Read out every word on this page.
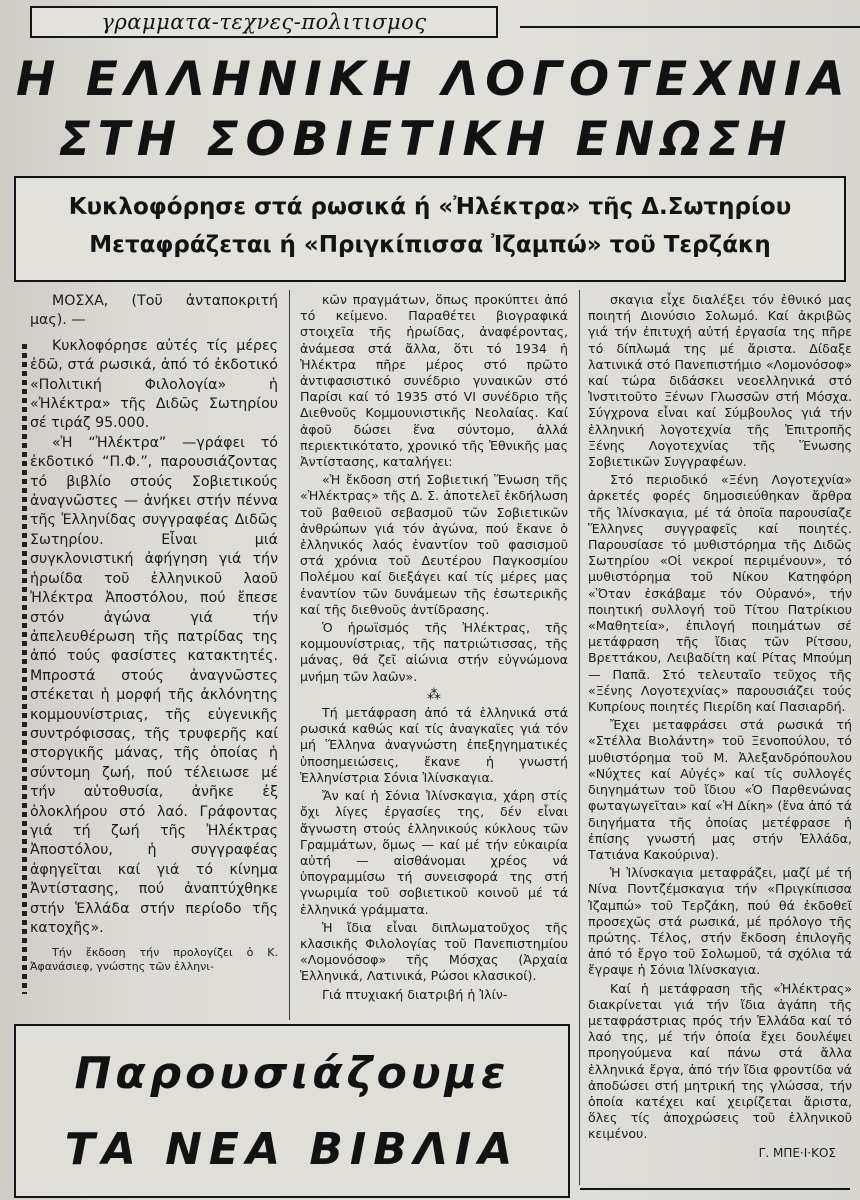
γραμματα-τεχνες-πολιτισμος
Η ΕΛΛΗΝΙΚΗ ΛΟΓΟΤΕΧΝΙΑ
ΣΤΗ ΣΟΒΙΕΤΙΚΗ ΕΝΩΣΗ
Κυκλοφόρησε στά ρωσικά ή «Ἠλέκτρα» τῆς Δ.Σωτηρίου
Μεταφράζεται ή «Πριγκίπισσα Ἰζαμπώ» τοῦ Τερζάκη

ΜΟΣΧΑ, (Τοῦ ἀνταποκριτή μας). —

Κυκλοφόρησε αὐτές τίς μέρες ἐδῶ, στά ρωσικά, ἀπό τό ἐκδοτικό «Πολιτική Φιλολογία» ἡ «Ἠλέκτρα» τῆς Διδῶς Σωτηρίου σέ τιράζ 95.000.

«Ἡ “Ἠλέκτρα” —γράφει τό ἐκδοτικό “Π.Φ.”, παρουσιάζοντας τό βιβλίο στούς Σοβιετικούς ἀναγνῶστες — ἀνήκει στήν πέννα τῆς Ἑλληνίδας συγγραφέας Διδῶς Σωτηρίου. Εἶναι μιά συγκλονιστική ἀφήγηση γιά τήν ἡρωίδα τοῦ ἑλληνικοῦ λαοῦ Ἠλέκτρα Ἀποστόλου, πού ἔπεσε στόν ἀγώνα γιά τήν ἀπελευθέρωση τῆς πατρίδας της ἀπό τούς φασίστες κατακτητές. Μπροστά στούς ἀναγνῶστες στέκεται ἡ μορφή τῆς ἀκλόνητης κομμουνίστριας, τῆς εὐγενικῆς συντρόφισσας, τῆς τρυφερῆς καί στοργικῆς μάνας, τῆς ὁποίας ἡ σύντομη ζωή, πού τέλειωσε μέ τήν αὐτοθυσία, ἀνῆκε ἐξ ὁλοκλήρου στό λαό. Γράφοντας γιά τή ζωή τῆς Ἠλέκτρας Ἀποστόλου, ἡ συγγραφέας ἀφηγεῖται καί γιά τό κίνημα Ἀντίστασης, πού ἀναπτύχθηκε στήν Ἑλλάδα στήν περίοδο τῆς κατοχῆς».

Τήν ἔκδοση τήν προλογίζει ὁ Κ. Ἀφανάσιεφ, γνώστης τῶν ἑλληνι-

κῶν πραγμάτων, ὅπως προκύπτει ἀπό τό κείμενο. Παραθέτει βιογραφικά στοιχεῖα τῆς ἡρωίδας, ἀναφέροντας, ἀνάμεσα στά ἄλλα, ὅτι τό 1934 ἡ Ἠλέκτρα πῆρε μέρος στό πρῶτο ἀντιφασιστικό συνέδριο γυναικῶν στό Παρίσι καί τό 1935 στό VI συνέδριο τῆς Διεθνοῦς Κομμουνιστικῆς Νεολαίας. Καί ἀφοῦ δώσει ἕνα σύντομο, ἀλλά περιεκτικότατο, χρονικό τῆς Ἐθνικῆς μας Ἀντίστασης, καταλήγει:

«Ἡ ἔκδοση στή Σοβιετική Ἕνωση τῆς «Ἠλέκτρας» τῆς Δ. Σ. ἀποτελεῖ ἐκδήλωση τοῦ βαθειοῦ σεβασμοῦ τῶν Σοβιετικῶν ἀνθρώπων γιά τόν ἀγώνα, πού ἔκανε ὁ ἑλληνικός λαός ἐναντίον τοῦ φασισμοῦ στά χρόνια τοῦ Δευτέρου Παγκοσμίου Πολέμου καί διεξάγει καί τίς μέρες μας ἐναντίον τῶν δυνάμεων τῆς ἐσωτερικῆς καί τῆς διεθνοῦς ἀντίδρασης.

Ὁ ἡρωϊσμός τῆς Ἠλέκτρας, τῆς κομμουνίστριας, τῆς πατριώτισσας, τῆς μάνας, θά ζεῖ αἰώνια στήν εὐγνώμονα μνήμη τῶν λαῶν».

⁂

Τή μετάφραση ἀπό τά ἑλληνικά στά ρωσικά καθώς καί τίς ἀναγκαῖες γιά τόν μή Ἕλληνα ἀναγνώστη ἐπεξηγηματικές ὑποσημειώσεις, ἔκανε ἡ γνωστή Ἑλληνίστρια Σόνια Ἰλίνσκαγια.

Ἄν καί ἡ Σόνια Ἰλίνσκαγια, χάρη στίς ὄχι λίγες ἐργασίες της, δέν εἶναι ἄγνωστη στούς ἑλληνικούς κύκλους τῶν Γραμμάτων, ὅμως — καί μέ τήν εὐκαιρία αὐτή — αἰσθάνομαι χρέος νά ὑπογραμμίσω τή συνεισφορά της στή γνωριμία τοῦ σοβιετικοῦ κοινοῦ μέ τά ἑλληνικά γράμματα.

Ἡ ἴδια εἶναι διπλωματοῦχος τῆς κλασικῆς Φιλολογίας τοῦ Πανεπιστημίου «Λομονόσοφ» τῆς Μόσχας (Ἀρχαία Ἑλληνικά, Λατινικά, Ρώσοι κλασικοί).

Γιά πτυχιακή διατριβή ἡ Ἰλίν-

σκαγια εἶχε διαλέξει τόν ἐθνικό μας ποιητή Διονύσιο Σολωμό. Καί ἀκριβῶς γιά τήν ἐπιτυχή αὐτή ἐργασία της πῆρε τό δίπλωμά της μέ ἄριστα. Δίδαξε λατινικά στό Πανεπιστήμιο «Λομονόσοφ» καί τώρα διδάσκει νεοελληνικά στό Ἰνστιτοῦτο Ξένων Γλωσσῶν στή Μόσχα. Σύγχρονα εἶναι καί Σύμβουλος γιά τήν ἑλληνική λογοτεχνία τῆς Ἐπιτροπῆς Ξένης Λογοτεχνίας τῆς Ἕνωσης Σοβιετικῶν Συγγραφέων.

Στό περιοδικό «Ξένη Λογοτεχνία» ἀρκετές φορές δημοσιεύθηκαν ἄρθρα τῆς Ἰλίνσκαγια, μέ τά ὁποῖα παρουσίαζε Ἕλληνες συγγραφεῖς καί ποιητές. Παρουσίασε τό μυθιστόρημα τῆς Διδῶς Σωτηρίου «Οἱ νεκροί περιμένουν», τό μυθιστόρημα τοῦ Νίκου Κατηφόρη «Ὅταν ἐσκάβαμε τόν Οὐρανό», τήν ποιητική συλλογή τοῦ Τίτου Πατρίκιου «Μαθητεία», ἐπιλογή ποιημάτων σέ μετάφραση τῆς ἴδιας τῶν Ρίτσου, Βρεττάκου, Λειβαδίτη καί Ρίτας Μπούμη — Παπᾶ. Στό τελευταῖο τεῦχος τῆς «Ξένης Λογοτεχνίας» παρουσιάζει τούς Κυπρίους ποιητές Πιερίδη καί Πασιαρδή.

Ἔχει μεταφράσει στά ρωσικά τή «Στέλλα Βιολάντη» τοῦ Ξενοπούλου, τό μυθιστόρημα τοῦ Μ. Ἀλεξανδρόπουλου «Νύχτες καί Αὐγές» καί τίς συλλογές διηγημάτων τοῦ ἴδιου «Ὁ Παρθενώνας φωταγωγεῖται» καί «Ἡ Δίκη» (ἕνα ἀπό τά διηγήματα τῆς ὁποίας μετέφρασε ἡ ἐπίσης γνωστή μας στήν Ἑλλάδα, Τατιάνα Κακούρινα).

Ἡ Ἰλίνσκαγια μεταφράζει, μαζί μέ τή Νίνα Ποντζέμσκαγια τήν «Πριγκίπισσα Ἰζαμπώ» τοῦ Τερζάκη, πού θά ἐκδοθεῖ προσεχῶς στά ρωσικά, μέ πρόλογο τῆς πρώτης. Τέλος, στήν ἔκδοση ἐπιλογῆς ἀπό τό ἔργο τοῦ Σολωμοῦ, τά σχόλια τά ἔγραψε ἡ Σόνια Ἰλίνσκαγια.

Καί ἡ μετάφραση τῆς «Ἠλέκτρας» διακρίνεται γιά τήν ἴδια ἀγάπη τῆς μεταφράστριας πρός τήν Ἑλλάδα καί τό λαό της, μέ τήν ὁποία ἔχει δουλέψει προηγούμενα καί πάνω στά ἄλλα ἑλληνικά ἔργα, ἀπό τήν ἴδια φροντίδα νά ἀποδώσει στή μητρική της γλώσσα, τήν ὁποία κατέχει καί χειρίζεται ἄριστα, ὅλες τίς ἀποχρώσεις τοῦ ἑλληνικοῦ κειμένου.

Γ. ΜΠΕ·Ι·ΚΟΣ

Παρουσιάζουμε
ΤΑ ΝΕΑ ΒΙΒΛΙΑ
